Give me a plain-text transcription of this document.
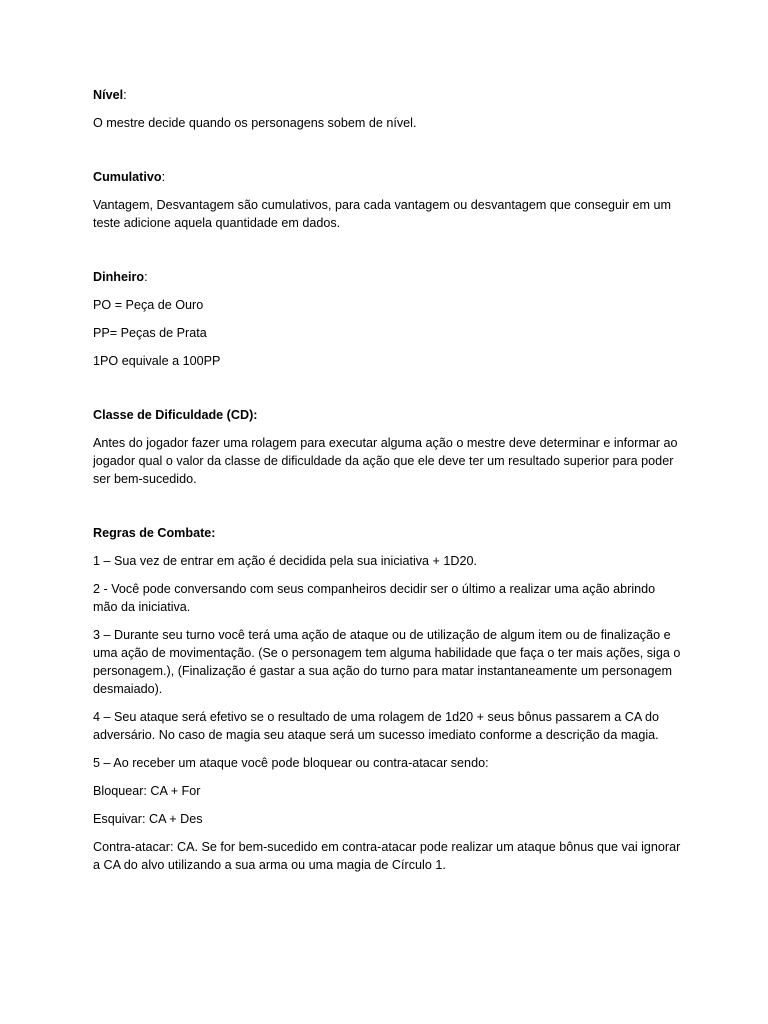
Nível:

O mestre decide quando os personagens sobem de nível.

Cumulativo:

Vantagem, Desvantagem são cumulativos, para cada vantagem ou desvantagem que conseguir em um teste adicione aquela quantidade em dados.

Dinheiro:

PO = Peça de Ouro

PP= Peças de Prata

1PO equivale a 100PP

Classe de Dificuldade (CD):

Antes do jogador fazer uma rolagem para executar alguma ação o mestre deve determinar e informar ao jogador qual o valor da classe de dificuldade da ação que ele deve ter um resultado superior para poder ser bem-sucedido.

Regras de Combate:

1 – Sua vez de entrar em ação é decidida pela sua iniciativa + 1D20.

2 - Você pode conversando com seus companheiros decidir ser o último a realizar uma ação abrindo mão da iniciativa.

3 – Durante seu turno você terá uma ação de ataque ou de utilização de algum item ou de finalização e uma ação de movimentação. (Se o personagem tem alguma habilidade que faça o ter mais ações, siga o personagem.), (Finalização é gastar a sua ação do turno para matar instantaneamente um personagem desmaiado).

4 – Seu ataque será efetivo se o resultado de uma rolagem de 1d20 + seus bônus passarem a CA do adversário. No caso de magia seu ataque será um sucesso imediato conforme a descrição da magia.

5 – Ao receber um ataque você pode bloquear ou contra-atacar sendo:

Bloquear: CA + For

Esquivar: CA + Des

Contra-atacar: CA. Se for bem-sucedido em contra-atacar pode realizar um ataque bônus que vai ignorar a CA do alvo utilizando a sua arma ou uma magia de Círculo 1.
